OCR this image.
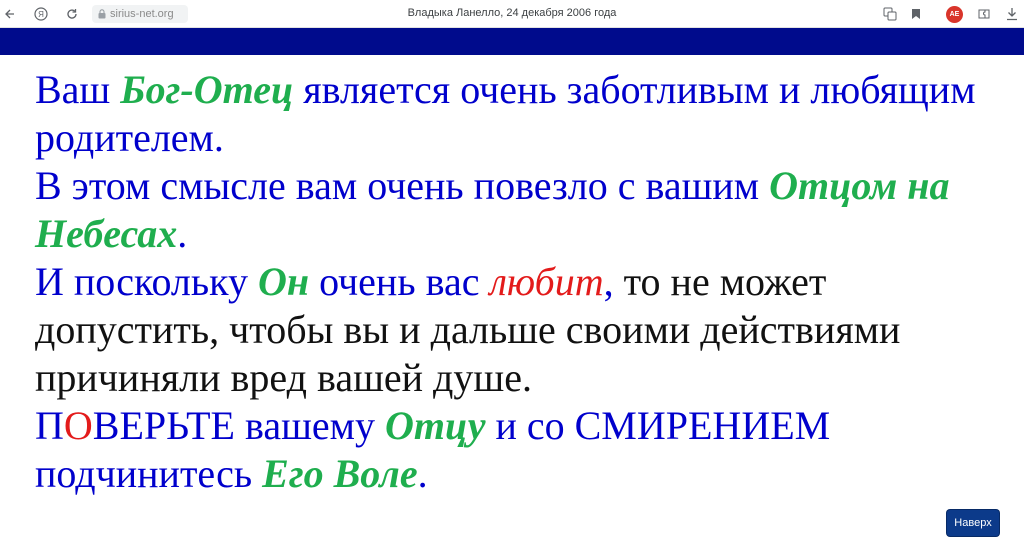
Я	sirius-net.org	Владыка Ланелло, 24 декабря 2006 года	AE

Ваш Бог-Отец является очень заботливым и любящим родителем.

В этом смысле вам очень повезло с вашим Отцом на Небесах.

И поскольку Он очень вас любит, то не может допустить, чтобы вы и дальше своими действиями причиняли вред вашей душе.

ПОВЕРЬТЕ вашему Отцу и со СМИРЕНИЕМ подчинитесь Его Воле.

Наверх
